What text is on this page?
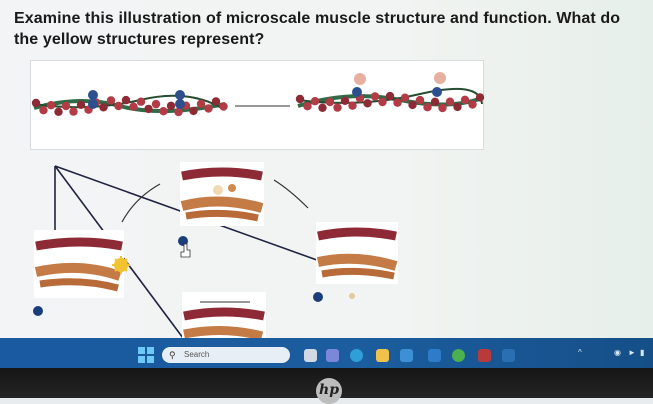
Examine this illustration of microscale muscle structure and function. What do the yellow structures represent?
⚲ Search	^	◉ ► ▮
hp
